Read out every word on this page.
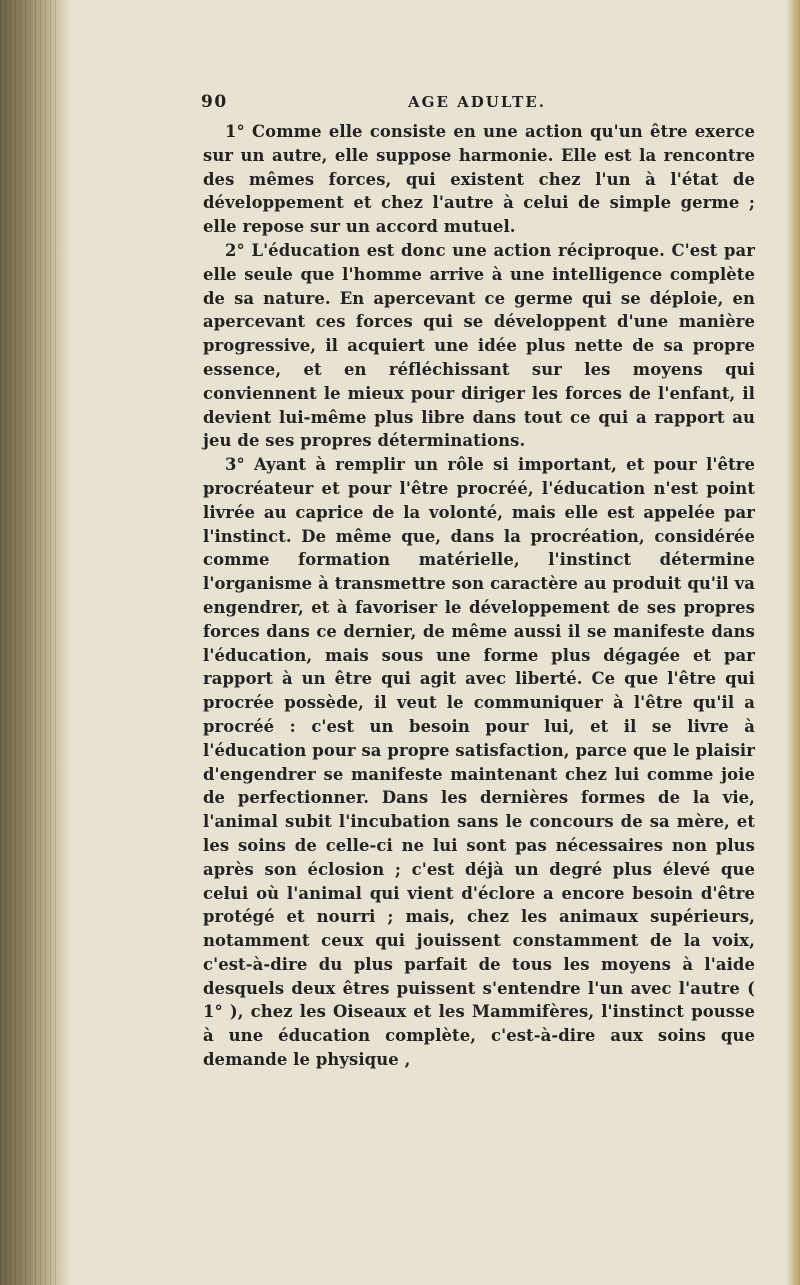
90	AGE ADULTE.

1° Comme elle consiste en une action qu'un être exerce sur un autre, elle suppose harmonie. Elle est la rencontre des mêmes forces, qui existent chez l'un à l'état de développement et chez l'autre à celui de simple germe ; elle repose sur un accord mutuel.

2° L'éducation est donc une action réciproque. C'est par elle seule que l'homme arrive à une intelligence complète de sa nature. En apercevant ce germe qui se déploie, en apercevant ces forces qui se développent d'une manière progressive, il acquiert une idée plus nette de sa propre essence, et en réfléchissant sur les moyens qui conviennent le mieux pour diriger les forces de l'enfant, il devient lui-même plus libre dans tout ce qui a rapport au jeu de ses propres déterminations.

3° Ayant à remplir un rôle si important, et pour l'être procréateur et pour l'être procréé, l'éducation n'est point livrée au caprice de la volonté, mais elle est appelée par l'instinct. De même que, dans la procréation, considérée comme formation matérielle, l'instinct détermine l'organisme à transmettre son caractère au produit qu'il va engendrer, et à favoriser le développement de ses propres forces dans ce dernier, de même aussi il se manifeste dans l'éducation, mais sous une forme plus dégagée et par rapport à un être qui agit avec liberté. Ce que l'être qui procrée possède, il veut le communiquer à l'être qu'il a procréé : c'est un besoin pour lui, et il se livre à l'éducation pour sa propre satisfaction, parce que le plaisir d'engendrer se manifeste maintenant chez lui comme joie de perfectionner. Dans les dernières formes de la vie, l'animal subit l'incubation sans le concours de sa mère, et les soins de celle-ci ne lui sont pas nécessaires non plus après son éclosion ; c'est déjà un degré plus élevé que celui où l'animal qui vient d'éclore a encore besoin d'être protégé et nourri ; mais, chez les animaux supérieurs, notamment ceux qui jouissent constamment de la voix, c'est-à-dire du plus parfait de tous les moyens à l'aide desquels deux êtres puissent s'entendre l'un avec l'autre ( 1° ), chez les Oiseaux et les Mammifères, l'instinct pousse à une éducation complète, c'est-à-dire aux soins que demande le physique ,
